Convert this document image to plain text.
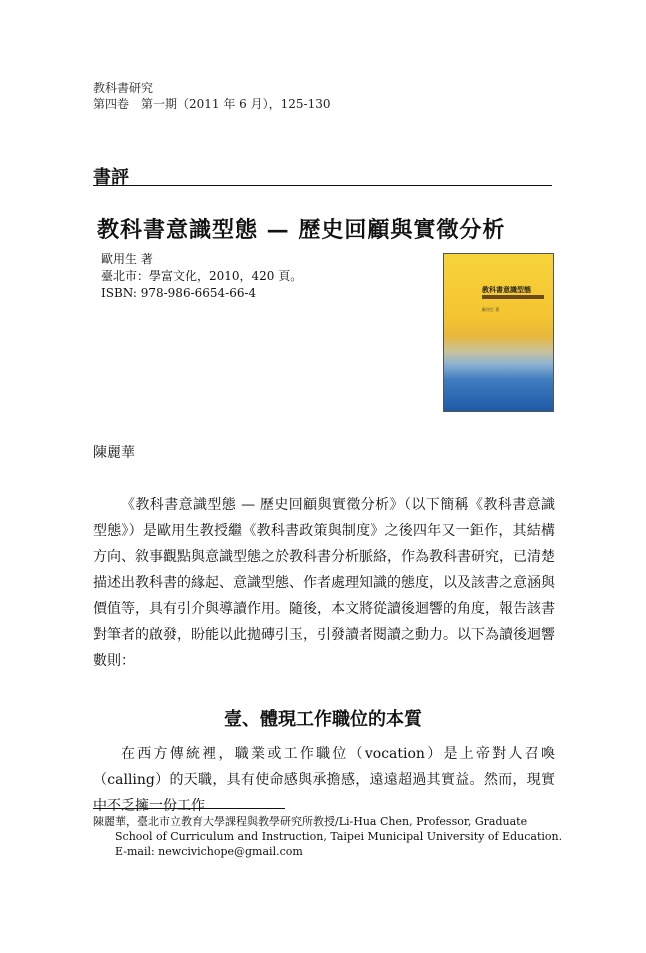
教科書研究
第四卷　第一期（2011 年 6 月），125-130
書評
教科書意識型態 — 歷史回顧與實徵分析
歐用生 著
臺北市：學富文化，2010，420 頁。
ISBN: 978-986-6654-66-4	教科書意識型態
歐用生 著
陳麗華
《教科書意識型態 — 歷史回顧與實徵分析》（以下簡稱《教科書意識型態》）是歐用生教授繼《教科書政策與制度》之後四年又一鉅作，其結構方向、敘事觀點與意識型態之於教科書分析脈絡，作為教科書研究，已清楚描述出教科書的緣起、意識型態、作者處理知識的態度，以及該書之意涵與價值等，具有引介與導讀作用。隨後，本文將從讀後迴響的角度，報告該書對筆者的啟發，盼能以此拋磚引玉，引發讀者閱讀之動力。以下為讀後迴響數則：
壹、體現工作職位的本質
在西方傳統裡，職業或工作職位（vocation）是上帝對人召喚（calling）的天職，具有使命感與承擔感，遠遠超過其實益。然而，現實中不乏擁一份工作
陳麗華，臺北市立教育大學課程與教學研究所教授/Li-Hua Chen, Professor, Graduate
School of Curriculum and Instruction, Taipei Municipal University of Education.
E-mail: newcivichope@gmail.com
